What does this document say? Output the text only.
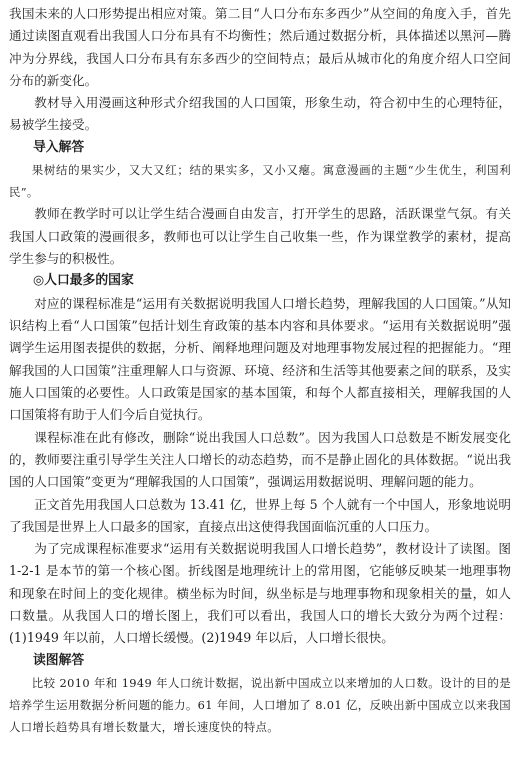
我国未来的人口形势提出相应对策。第二目“人口分布东多西少”从空间的角度入手，首先通过读图直观看出我国人口分布具有不均衡性；然后通过数据分析，具体描述以黑河—腾冲为分界线，我国人口分布具有东多西少的空间特点；最后从城市化的角度介绍人口空间分布的新变化。

教材导入用漫画这种形式介绍我国的人口国策，形象生动，符合初中生的心理特征，易被学生接受。

导入解答

果树结的果实少，又大又红；结的果实多，又小又瘪。寓意漫画的主题“少生优生，利国利民”。

教师在教学时可以让学生结合漫画自由发言，打开学生的思路，活跃课堂气氛。有关我国人口政策的漫画很多，教师也可以让学生自己收集一些，作为课堂教学的素材，提高学生参与的积极性。

◎人口最多的国家

对应的课程标准是“运用有关数据说明我国人口增长趋势，理解我国的人口国策。”从知识结构上看“人口国策”包括计划生育政策的基本内容和具体要求。“运用有关数据说明”强调学生运用图表提供的数据，分析、阐释地理问题及对地理事物发展过程的把握能力。“理解我国的人口国策”注重理解人口与资源、环境、经济和生活等其他要素之间的联系，及实施人口国策的必要性。人口政策是国家的基本国策，和每个人都直接相关，理解我国的人口国策将有助于人们今后自觉执行。

课程标准在此有修改，删除“说出我国人口总数”。因为我国人口总数是不断发展变化的，教师要注重引导学生关注人口增长的动态趋势，而不是静止固化的具体数据。“说出我国的人口国策”变更为“理解我国的人口国策”，强调运用数据说明、理解问题的能力。

正文首先用我国人口总数为 13.41 亿，世界上每 5 个人就有一个中国人，形象地说明了我国是世界上人口最多的国家，直接点出这使得我国面临沉重的人口压力。

为了完成课程标准要求“运用有关数据说明我国人口增长趋势”，教材设计了读图。图 1-2-1 是本节的第一个核心图。折线图是地理统计上的常用图，它能够反映某一地理事物和现象在时间上的变化规律。横坐标为时间，纵坐标是与地理事物和现象相关的量，如人口数量。从我国人口的增长图上，我们可以看出，我国人口的增长大致分为两个过程：(1)1949 年以前，人口增长缓慢。(2)1949 年以后，人口增长很快。

读图解答

比较 2010 年和 1949 年人口统计数据，说出新中国成立以来增加的人口数。设计的目的是培养学生运用数据分析问题的能力。61 年间，人口增加了 8.01 亿，反映出新中国成立以来我国人口增长趋势具有增长数量大，增长速度快的特点。
